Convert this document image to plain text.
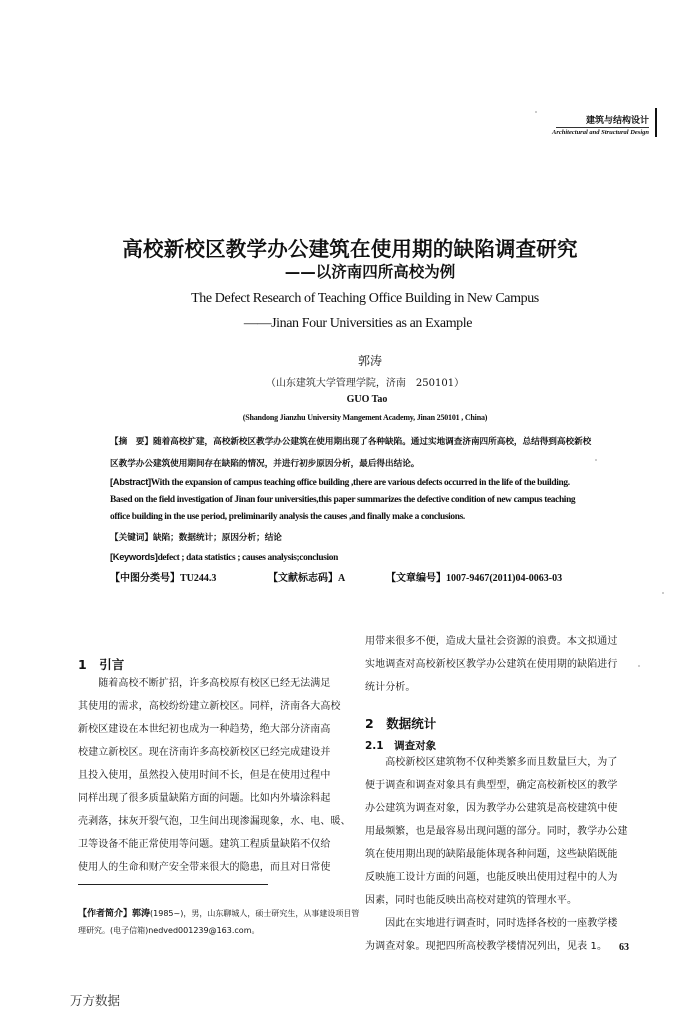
建筑与结构设计
Architectural and Structural Design
高校新校区教学办公建筑在使用期的缺陷调查研究
——以济南四所高校为例
The Defect Research of Teaching Office Building in New Campus
——Jinan Four Universities as an Example
郭涛
（山东建筑大学管理学院，济南　250101）
GUO Tao
(Shandong Jianzhu University Mangement Academy, Jinan 250101 , China)
【摘　要】随着高校扩建，高校新校区教学办公建筑在使用期出现了各种缺陷。通过实地调查济南四所高校，总结得到高校新校
区教学办公建筑使用期间存在缺陷的情况，并进行初步原因分析，最后得出结论。
[Abstract]With the expansion of campus teaching office building ,there are various defects occurred in the life of the building.
Based on the field investigation of Jinan four universities,this paper summarizes the defective condition of new campus teaching
office building in the use period, preliminarily analysis the causes ,and finally make a conclusions.
【关键词】缺陷；数据统计；原因分析；结论
[Keywords]defect ; data statistics ; causes analysis;conclusion
【中图分类号】TU244.3	【文献标志码】A	【文章编号】1007-9467(2011)04-0063-03
1　引言
　　随着高校不断扩招，许多高校原有校区已经无法满足
其使用的需求，高校纷纷建立新校区。同样，济南各大高校
新校区建设在本世纪初也成为一种趋势，绝大部分济南高
校建立新校区。现在济南许多高校新校区已经完成建设并
且投入使用，虽然投入使用时间不长，但是在使用过程中
同样出现了很多质量缺陷方面的问题。比如内外墙涂料起
壳剥落，抹灰开裂气泡，卫生间出现渗漏现象，水、电、暖、
卫等设备不能正常使用等问题。建筑工程质量缺陷不仅给
使用人的生命和财产安全带来很大的隐患，而且对日常使
【作者简介】郭涛(1985~)，男，山东聊城人，硕士研究生，从事建设项目管
理研究。(电子信箱)nedved001239@163.com。
用带来很多不便，造成大量社会资源的浪费。本文拟通过
实地调查对高校新校区教学办公建筑在使用期的缺陷进行
统计分析。
2　数据统计
2.1　调查对象
　　高校新校区建筑物不仅种类繁多而且数量巨大，为了
便于调查和调查对象具有典型型，确定高校新校区的教学
办公建筑为调查对象，因为教学办公建筑是高校建筑中使
用最频繁，也是最容易出现问题的部分。同时，教学办公建
筑在使用期出现的缺陷最能体现各种问题，这些缺陷既能
反映施工设计方面的问题，也能反映出使用过程中的人为
因素，同时也能反映出高校对建筑的管理水平。
　　因此在实地进行调查时，同时选择各校的一座教学楼
为调查对象。现把四所高校教学楼情况列出，见表 1。	63
万方数据
